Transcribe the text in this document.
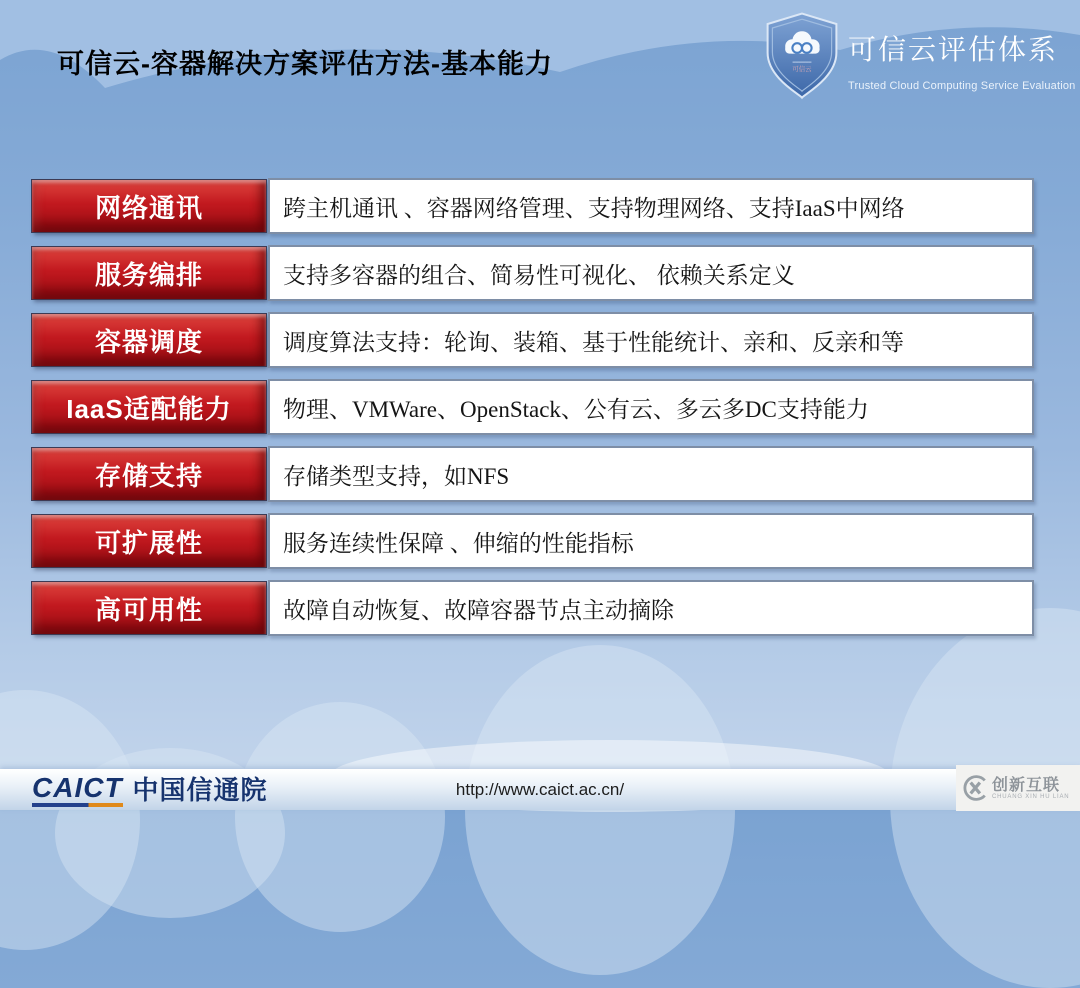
可信云-容器解决方案评估方法-基本能力	━━━━━━
可信云
可信云评估体系
Trusted Cloud Computing Service Evaluation
网络通讯	跨主机通讯 、容器网络管理、支持物理网络、支持IaaS中网络
服务编排	支持多容器的组合、简易性可视化、 依赖关系定义
容器调度	调度算法支持：轮询、装箱、基于性能统计、亲和、反亲和等
IaaS适配能力	物理、VMWare、OpenStack、公有云、多云多DC支持能力
存储支持	存储类型支持，如NFS
可扩展性	服务连续性保障 、伸缩的性能指标
高可用性	故障自动恢复、故障容器节点主动摘除
CAICT 中国信通院	http://www.caict.ac.cn/	创新互联
CHUANG XIN HU LIAN
